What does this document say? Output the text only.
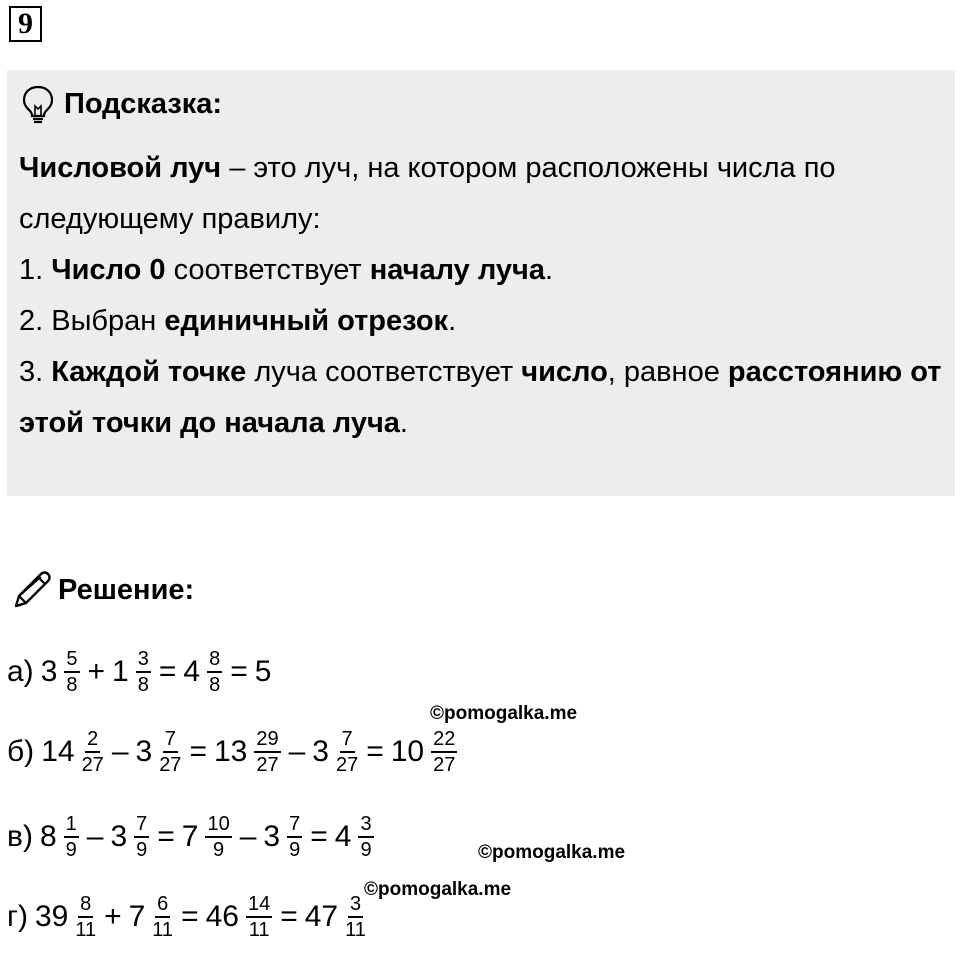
9
Подсказка:

Числовой луч – это луч, на котором расположены числа по следующему правилу:

1. Число 0 соответствует началу луча.

2. Выбран единичный отрезок.

3. Каждой точке луча соответствует число, равное расстоянию от этой точки до начала луча.

Решение:
а) $3 \frac{5}{8} + 1 \frac{3}{8} = 4 \frac{8}{8} = 5$
©pomogalka.me
б) $14 \frac{2}{27} - 3 \frac{7}{27} = 13 \frac{29}{27} - 3 \frac{7}{27} = 10 \frac{22}{27}$
в) $8 \frac{1}{9} - 3 \frac{7}{9} = 7 \frac{10}{9} - 3 \frac{7}{9} = 4 \frac{3}{9}$	©pomogalka.me
©pomogalka.me
г) $39 \frac{8}{11} + 7 \frac{6}{11} = 46 \frac{14}{11} = 47 \frac{3}{11}$
